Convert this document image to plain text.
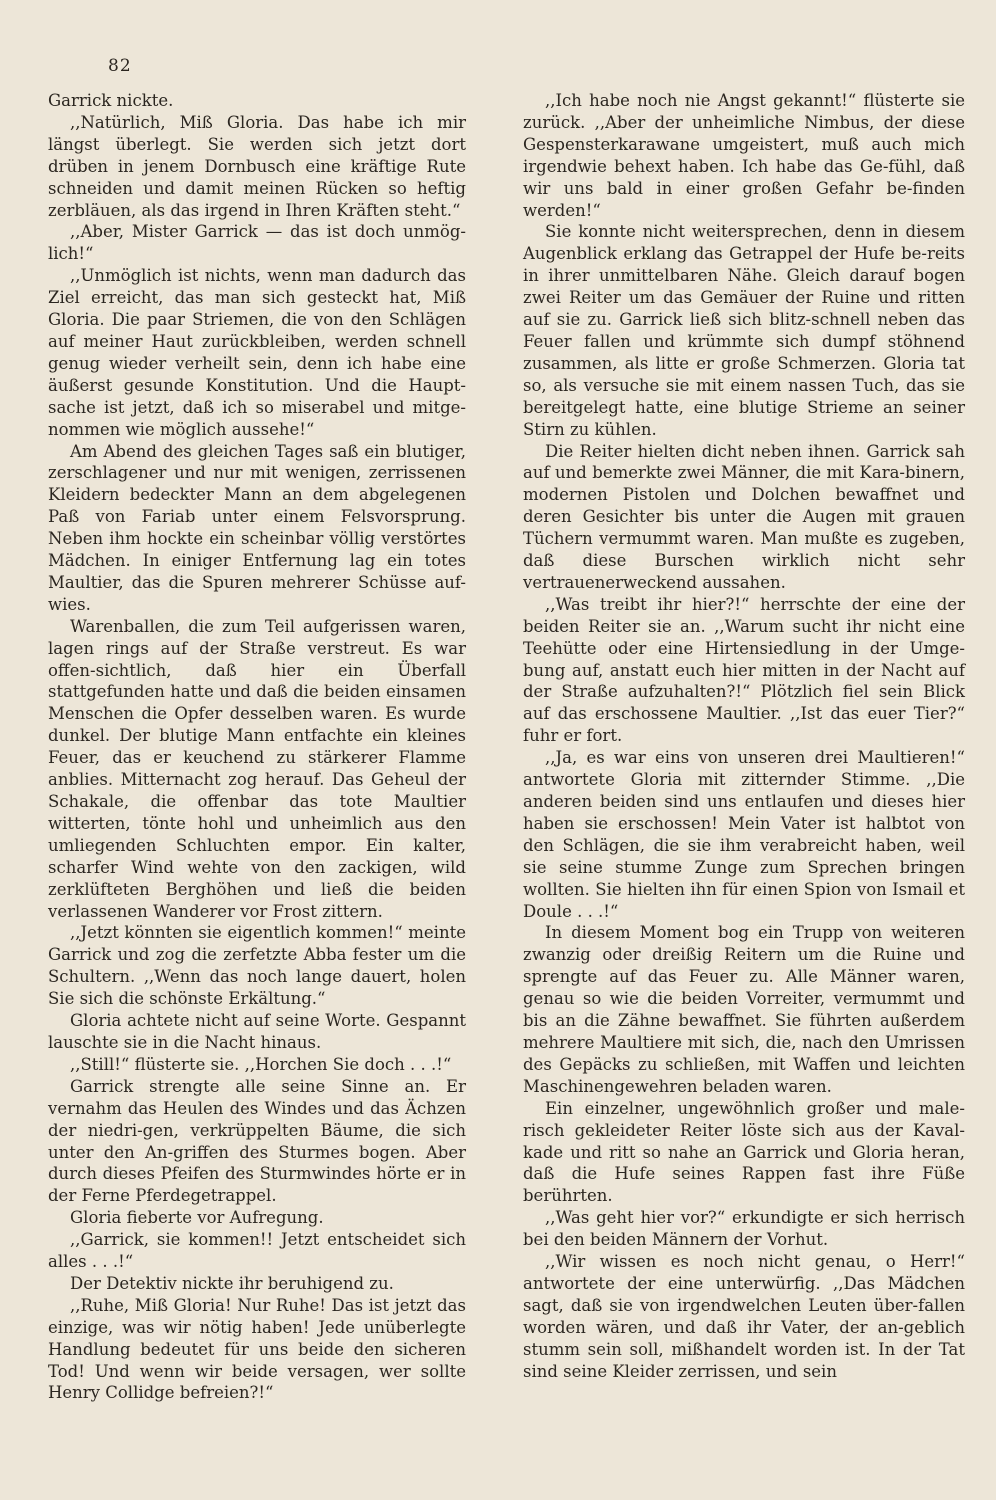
82

Garrick nickte.

,,Natürlich, Miß Gloria. Das habe ich mir längst überlegt. Sie werden sich jetzt dort drüben in jenem Dornbusch eine kräftige Rute schneiden und damit meinen Rücken so heftig zerbläuen, als das irgend in Ihren Kräften steht.“

,,Aber, Mister Garrick — das ist doch unmög-lich!“

,,Unmöglich ist nichts, wenn man dadurch das Ziel erreicht, das man sich gesteckt hat, Miß Gloria. Die paar Striemen, die von den Schlägen auf meiner Haut zurückbleiben, werden schnell genug wieder verheilt sein, denn ich habe eine äußerst gesunde Konstitution. Und die Haupt-sache ist jetzt, daß ich so miserabel und mitge-nommen wie möglich aussehe!“

Am Abend des gleichen Tages saß ein blutiger, zerschlagener und nur mit wenigen, zerrissenen Kleidern bedeckter Mann an dem abgelegenen Paß von Fariab unter einem Felsvorsprung. Neben ihm hockte ein scheinbar völlig verstörtes Mädchen. In einiger Entfernung lag ein totes Maultier, das die Spuren mehrerer Schüsse auf-wies.

Warenballen, die zum Teil aufgerissen waren, lagen rings auf der Straße verstreut. Es war offen-sichtlich, daß hier ein Überfall stattgefunden hatte und daß die beiden einsamen Menschen die Opfer desselben waren. Es wurde dunkel. Der blutige Mann entfachte ein kleines Feuer, das er keuchend zu stärkerer Flamme anblies. Mitternacht zog herauf. Das Geheul der Schakale, die offenbar das tote Maultier witterten, tönte hohl und unheimlich aus den umliegenden Schluchten empor. Ein kalter, scharfer Wind wehte von den zackigen, wild zerklüfteten Berghöhen und ließ die beiden verlassenen Wanderer vor Frost zittern.

,,Jetzt könnten sie eigentlich kommen!“ meinte Garrick und zog die zerfetzte Abba fester um die Schultern. ,,Wenn das noch lange dauert, holen Sie sich die schönste Erkältung.“

Gloria achtete nicht auf seine Worte. Gespannt lauschte sie in die Nacht hinaus.

,,Still!“ flüsterte sie. ,,Horchen Sie doch . . .!“

Garrick strengte alle seine Sinne an. Er vernahm das Heulen des Windes und das Ächzen der niedri-gen, verkrüppelten Bäume, die sich unter den An-griffen des Sturmes bogen. Aber durch dieses Pfeifen des Sturmwindes hörte er in der Ferne Pferdegetrappel.

Gloria fieberte vor Aufregung.

,,Garrick, sie kommen!! Jetzt entscheidet sich alles . . .!“

Der Detektiv nickte ihr beruhigend zu.

,,Ruhe, Miß Gloria! Nur Ruhe! Das ist jetzt das einzige, was wir nötig haben! Jede unüberlegte Handlung bedeutet für uns beide den sicheren Tod! Und wenn wir beide versagen, wer sollte Henry Collidge befreien?!“

,,Ich habe noch nie Angst gekannt!“ flüsterte sie zurück. ,,Aber der unheimliche Nimbus, der diese Gespensterkarawane umgeistert, muß auch mich irgendwie behext haben. Ich habe das Ge-fühl, daß wir uns bald in einer großen Gefahr be-finden werden!“

Sie konnte nicht weitersprechen, denn in diesem Augenblick erklang das Getrappel der Hufe be-reits in ihrer unmittelbaren Nähe. Gleich darauf bogen zwei Reiter um das Gemäuer der Ruine und ritten auf sie zu. Garrick ließ sich blitz-schnell neben das Feuer fallen und krümmte sich dumpf stöhnend zusammen, als litte er große Schmerzen. Gloria tat so, als versuche sie mit einem nassen Tuch, das sie bereitgelegt hatte, eine blutige Strieme an seiner Stirn zu kühlen.

Die Reiter hielten dicht neben ihnen. Garrick sah auf und bemerkte zwei Männer, die mit Kara-binern, modernen Pistolen und Dolchen bewaffnet und deren Gesichter bis unter die Augen mit grauen Tüchern vermummt waren. Man mußte es zugeben, daß diese Burschen wirklich nicht sehr vertrauenerweckend aussahen.

,,Was treibt ihr hier?!“ herrschte der eine der beiden Reiter sie an. ,,Warum sucht ihr nicht eine Teehütte oder eine Hirtensiedlung in der Umge-bung auf, anstatt euch hier mitten in der Nacht auf der Straße aufzuhalten?!“ Plötzlich fiel sein Blick auf das erschossene Maultier. ,,Ist das euer Tier?“ fuhr er fort.

,,Ja, es war eins von unseren drei Maultieren!“ antwortete Gloria mit zitternder Stimme. ,,Die anderen beiden sind uns entlaufen und dieses hier haben sie erschossen! Mein Vater ist halbtot von den Schlägen, die sie ihm verabreicht haben, weil sie seine stumme Zunge zum Sprechen bringen wollten. Sie hielten ihn für einen Spion von Ismail et Doule . . .!“

In diesem Moment bog ein Trupp von weiteren zwanzig oder dreißig Reitern um die Ruine und sprengte auf das Feuer zu. Alle Männer waren, genau so wie die beiden Vorreiter, vermummt und bis an die Zähne bewaffnet. Sie führten außerdem mehrere Maultiere mit sich, die, nach den Umrissen des Gepäcks zu schließen, mit Waffen und leichten Maschinengewehren beladen waren.

Ein einzelner, ungewöhnlich großer und male-risch gekleideter Reiter löste sich aus der Kaval-kade und ritt so nahe an Garrick und Gloria heran, daß die Hufe seines Rappen fast ihre Füße berührten.

,,Was geht hier vor?“ erkundigte er sich herrisch bei den beiden Männern der Vorhut.

,,Wir wissen es noch nicht genau, o Herr!“ antwortete der eine unterwürfig. ,,Das Mädchen sagt, daß sie von irgendwelchen Leuten über-fallen worden wären, und daß ihr Vater, der an-geblich stumm sein soll, mißhandelt worden ist. In der Tat sind seine Kleider zerrissen, und sein
